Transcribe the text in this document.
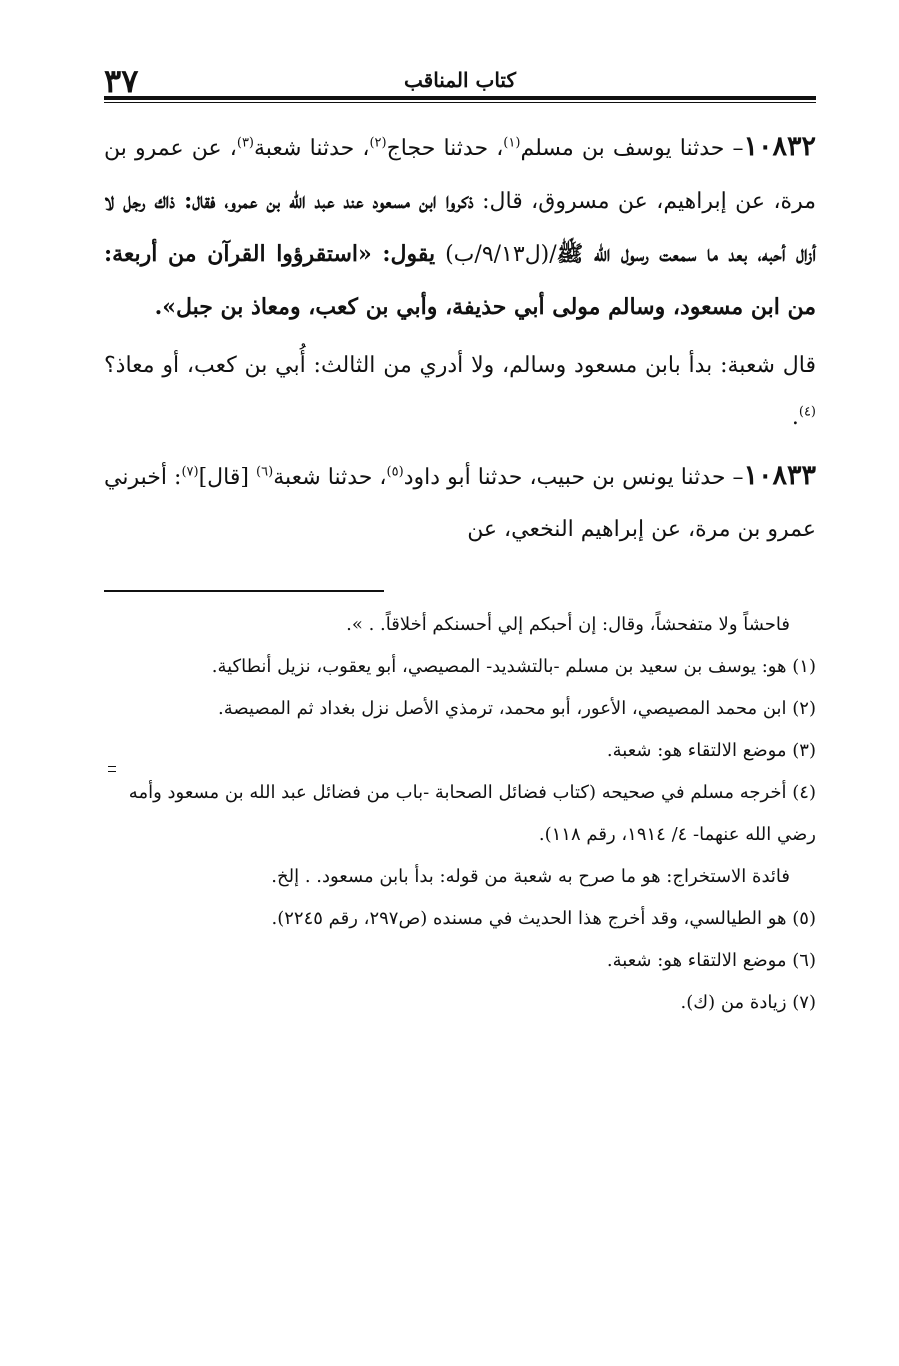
كتاب المناقب
٣٧

١٠٨٣٢– حدثنا يوسف بن مسلم$^{(١)}$، حدثنا حجاج$^{(٢)}$، حدثنا شعبة$^{(٣)}$، عن عمرو بن مرة، عن إبراهيم، عن مسروق، قال: ذكروا ابن مسعود عند عبد الله بن عمرو، فقال: ذاك رجل لا أزال أحبه، بعد ما سمعت رسول الله ﷺ/(ل٩/١٣/ب) يقول: «استقرؤوا القرآن من أربعة: من ابن مسعود، وسالم مولى أبي حذيفة، وأبي بن كعب، ومعاذ بن جبل».

قال شعبة: بدأ بابن مسعود وسالم، ولا أدري من الثالث: أُبي بن كعب، أو معاذ؟$^{(٤)}$.

١٠٨٣٣– حدثنا يونس بن حبيب، حدثنا أبو داود$^{(٥)}$، حدثنا شعبة$^{(٦)}$ [قال]$^{(٧)}$: أخبرني عمرو بن مرة، عن إبراهيم النخعي، عن

فاحشاً ولا متفحشاً، وقال: إن أحبكم إلي أحسنكم أخلاقاً. . ».
(١) هو: يوسف بن سعيد بن مسلم -بالتشديد- المصيصي، أبو يعقوب، نزيل أنطاكية.
(٢) ابن محمد المصيصي، الأعور، أبو محمد، ترمذي الأصل نزل بغداد ثم المصيصة.
(٣) موضع الالتقاء هو: شعبة.
(٤) أخرجه مسلم في صحيحه (كتاب فضائل الصحابة -باب من فضائل عبد الله بن مسعود وأمه رضي الله عنهما- ٤/ ١٩١٤، رقم ١١٨).
فائدة الاستخراج: هو ما صرح به شعبة من قوله: بدأ بابن مسعود. . إلخ.
(٥) هو الطيالسي، وقد أخرج هذا الحديث في مسنده (ص٢٩٧، رقم ٢٢٤٥).
(٦) موضع الالتقاء هو: شعبة.
(٧) زيادة من (ك).
